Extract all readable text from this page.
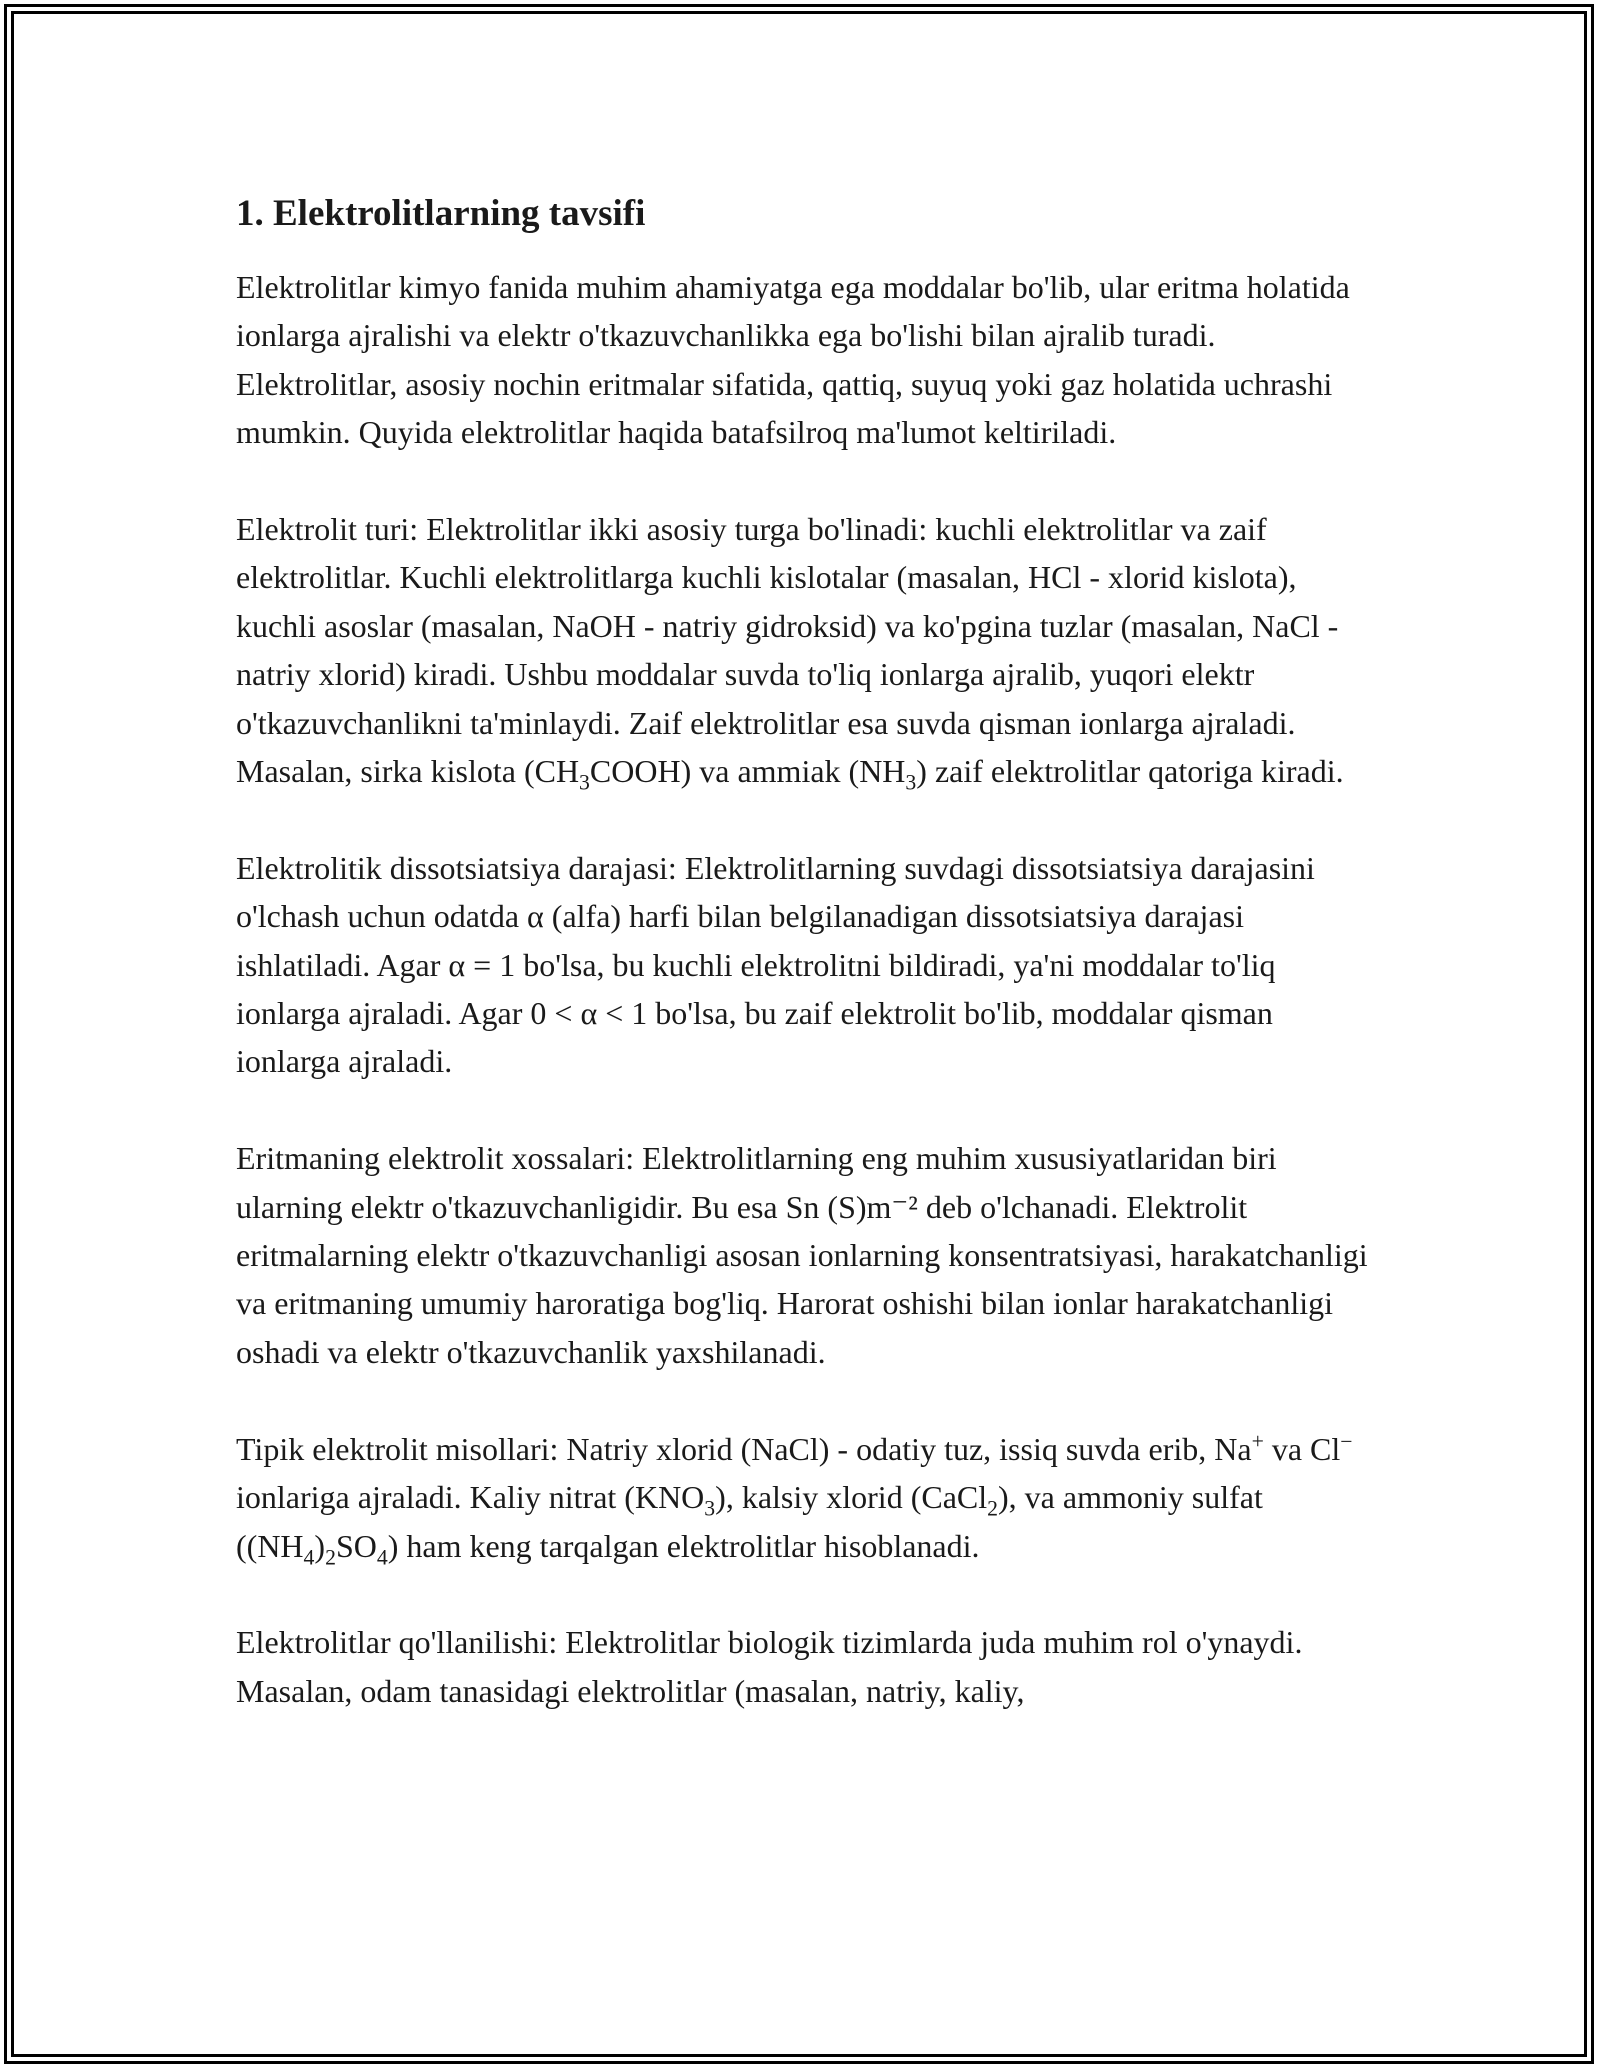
1. Elektrolitlarning tavsifi

Elektrolitlar kimyo fanida muhim ahamiyatga ega moddalar bo'lib, ular eritma holatida ionlarga ajralishi va elektr o'tkazuvchanlikka ega bo'lishi bilan ajralib turadi. Elektrolitlar, asosiy nochin eritmalar sifatida, qattiq, suyuq yoki gaz holatida uchrashi mumkin. Quyida elektrolitlar haqida batafsilroq ma'lumot keltiriladi.

Elektrolit turi: Elektrolitlar ikki asosiy turga bo'linadi: kuchli elektrolitlar va zaif elektrolitlar. Kuchli elektrolitlarga kuchli kislotalar (masalan, HCl - xlorid kislota), kuchli asoslar (masalan, NaOH - natriy gidroksid) va ko'pgina tuzlar (masalan, NaCl - natriy xlorid) kiradi. Ushbu moddalar suvda to'liq ionlarga ajralib, yuqori elektr o'tkazuvchanlikni ta'minlaydi. Zaif elektrolitlar esa suvda qisman ionlarga ajraladi. Masalan, sirka kislota $(CH_3COOH)$ va ammiak $(NH_3)$ zaif elektrolitlar qatoriga kiradi.

Elektrolitik dissotsiatsiya darajasi: Elektrolitlarning suvdagi dissotsiatsiya darajasini o'lchash uchun odatda α (alfa) harfi bilan belgilanadigan dissotsiatsiya darajasi ishlatiladi. Agar α = 1 bo'lsa, bu kuchli elektrolitni bildiradi, ya'ni moddalar to'liq ionlarga ajraladi. Agar 0 < α < 1 bo'lsa, bu zaif elektrolit bo'lib, moddalar qisman ionlarga ajraladi.

Eritmaning elektrolit xossalari: Elektrolitlarning eng muhim xususiyatlaridan biri ularning elektr o'tkazuvchanligidir. Bu esa Sn (S)m⁻² deb o'lchanadi. Elektrolit eritmalarning elektr o'tkazuvchanligi asosan ionlarning konsentratsiyasi, harakatchanligi va eritmaning umumiy haroratiga bog'liq. Harorat oshishi bilan ionlar harakatchanligi oshadi va elektr o'tkazuvchanlik yaxshilanadi.

Tipik elektrolit misollari: Natriy xlorid (NaCl) - odatiy tuz, issiq suvda erib, Na+ va Cl− ionlariga ajraladi. Kaliy nitrat $(KNO_3)$, kalsiy xlorid (CaCl$_2$), va ammoniy sulfat $((NH_4)_2SO_4)$ ham keng tarqalgan elektrolitlar hisoblanadi.

Elektrolitlar qo'llanilishi: Elektrolitlar biologik tizimlarda juda muhim rol o'ynaydi. Masalan, odam tanasidagi elektrolitlar (masalan, natriy, kaliy,
